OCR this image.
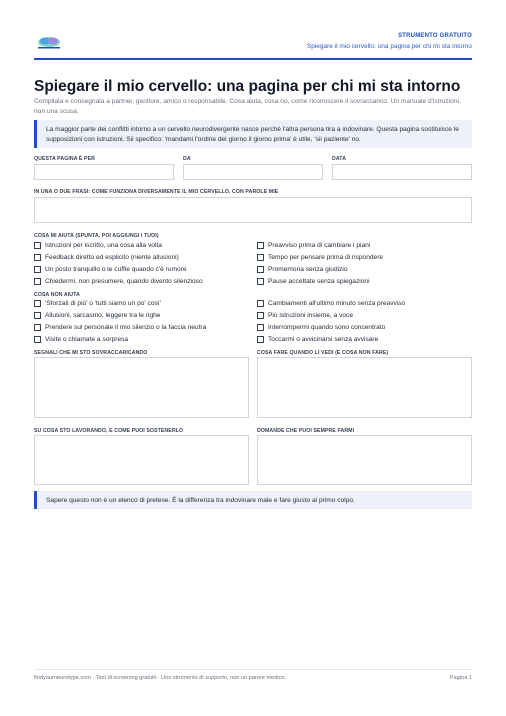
STRUMENTO GRATUITO
Spiegare il mio cervello: una pagina per chi mi sta intorno
Spiegare il mio cervello: una pagina per chi mi sta intorno
Compilala e consegnala a partner, genitore, amico o responsabile. Cosa aiuta, cosa no, come riconoscere il sovraccarico. Un manuale d'istruzioni, non una scusa.
La maggior parte dei conflitti intorno a un cervello neurodivergente nasce perché l'altra persona tira a indovinare. Questa pagina sostituisce le supposizioni con istruzioni. Sii specifico: 'mandami l'ordine del giorno il giorno prima' è utile, 'sii paziente' no.
QUESTA PAGINA È PER	DA	DATA
IN UNA O DUE FRASI: COME FUNZIONA DIVERSAMENTE IL MIO CERVELLO, CON PAROLE MIE
COSA MI AIUTA (SPUNTA, POI AGGIUNGI I TUOI)
Istruzioni per iscritto, una cosa alla volta
Feedback diretto ed esplicito (niente allusioni)
Un posto tranquillo o le cuffie quando c'è rumore
Chiedermi, non presumere, quando divento silenzioso
Preavviso prima di cambiare i piani
Tempo per pensare prima di rispondere
Promemoria senza giudizio
Pause accettate senza spiegazioni
COSA NON AIUTA
'Sforzati di più' o 'tutti siamo un po' così'
Allusioni, sarcasmo, leggere tra le righe
Prendere sul personale il mio silenzio o la faccia neutra
Visite o chiamate a sorpresa
Cambiamenti all'ultimo minuto senza preavviso
Più istruzioni insieme, a voce
Interrompermi quando sono concentrato
Toccarmi o avvicinarsi senza avvisare
SEGNALI CHE MI STO SOVRACCARICANDO	COSA FARE QUANDO LI VEDI (E COSA NON FARE)
SU COSA STO LAVORANDO, E COME PUOI SOSTENERLO	DOMANDE CHE PUOI SEMPRE FARMI
Sapere questo non è un elenco di pretese. È la differenza tra indovinare male e fare giusto al primo colpo.
findyourneurotype.com · Test di screening gratuiti · Uno strumento di supporto, non un parere medico.	Pagina 1
